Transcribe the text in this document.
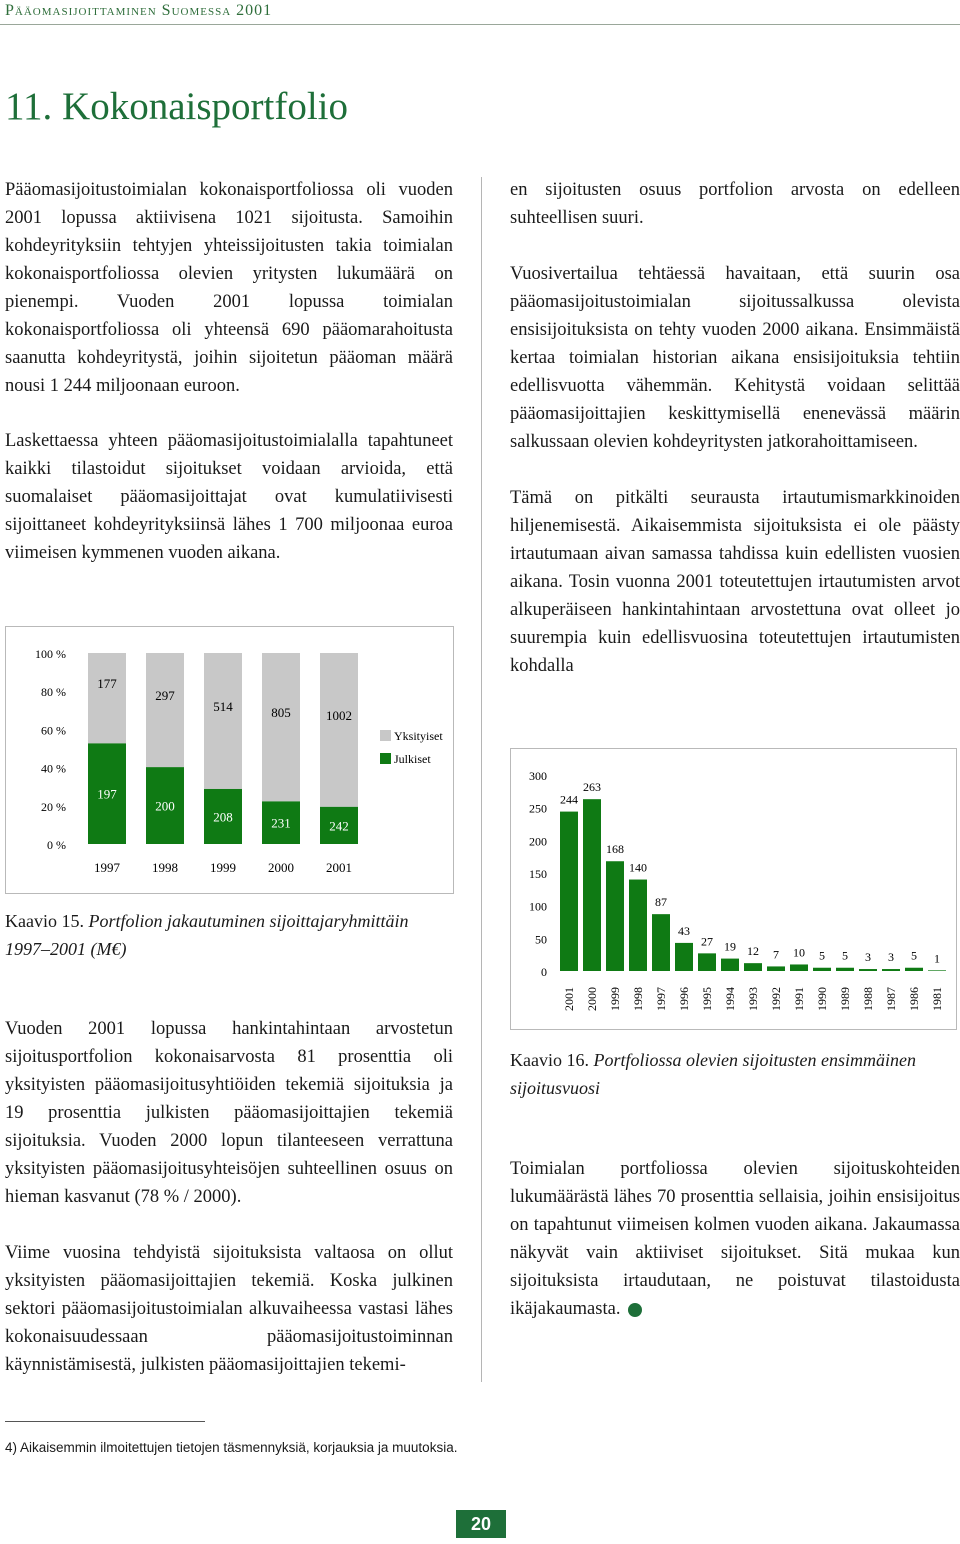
Pääomasijoittaminen Suomessa 2001
11. Kokonaisportfolio

Pääomasijoitustoimialan kokonaisportfoliossa oli vuoden 2001 lopussa aktiivisena 1021 sijoitusta. Samoihin kohdeyrityksiin tehtyjen yhteissijoitusten takia toimialan kokonaisportfoliossa olevien yritysten lukumäärä on pienempi. Vuoden 2001 lopussa toimialan kokonaisportfoliossa oli yhteensä 690 pääomarahoitusta saanutta kohdeyritystä, joihin sijoitetun pääoman määrä nousi 1 244 miljoonaan euroon.

Laskettaessa yhteen pääomasijoitustoimialalla tapahtuneet kaikki tilastoidut sijoitukset voidaan arvioida, että suomalaiset pääomasijoittajat ovat kumulatiivisesti sijoittaneet kohdeyrityksiinsä lähes 1 700 miljoonaa euroa viimeisen kymmenen vuoden aikana.

0 %
20 %
40 %
60 %
80 %
100 %
177
197
1997
297
200
1998
514
208
1999
805
231
2000
1002
242
2001
Yksityiset
Julkiset
Kaavio 15. Portfolion jakautuminen sijoittajaryhmittäin 1997–2001 (M€)

Vuoden 2001 lopussa hankintahintaan arvostetun sijoitusportfolion kokonaisarvosta 81 prosenttia oli yksityisten pääomasijoitusyhtiöiden tekemiä sijoituksia ja 19 prosenttia julkisten pääomasijoittajien tekemiä sijoituksia. Vuoden 2000 lopun tilanteeseen verrattuna yksityisten pääomasijoitusyhteisöjen suhteellinen osuus on hieman kasvanut (78 % / 2000).

Viime vuosina tehdyistä sijoituksista valtaosa on ollut yksityisten pääomasijoittajien tekemiä. Koska julkinen sektori pääomasijoitustoimialan alkuvaiheessa vastasi lähes kokonaisuudessaan pääomasijoitustoiminnan käynnistämisestä, julkisten pääomasijoittajien tekemi-

en sijoitusten osuus portfolion arvosta on edelleen suhteellisen suuri.

Vuosivertailua tehtäessä havaitaan, että suurin osa pääomasijoitustoimialan sijoitussalkussa olevista ensisijoituksista on tehty vuoden 2000 aikana. Ensimmäistä kertaa toimialan historian aikana ensisijoituksia tehtiin edellisvuotta vähemmän. Kehitystä voidaan selittää pääomasijoittajien keskittymisellä enenevässä määrin salkussaan olevien kohdeyritysten jatkorahoittamiseen.

Tämä on pitkälti seurausta irtautumismarkkinoiden hiljenemisestä. Aikaisemmista sijoituksista ei ole päästy irtautumaan aivan samassa tahdissa kuin edellisten vuosien aikana. Tosin vuonna 2001 toteutettujen irtautumisten arvot alkuperäiseen hankintahintaan arvostettuna ovat olleet jo suurempia kuin edellisvuosina toteutettujen irtautumisten kohdalla

0
50
100
150
200
250
300
244
2001
263
2000
168
1999
140
1998
87
1997
43
1996
27
1995
19
1994
12
1993
7
1992
10
1991
5
1990
5
1989
3
1988
3
1987
5
1986
1
1981
Kaavio 16. Portfoliossa olevien sijoitusten ensimmäinen sijoitusvuosi

Toimialan portfoliossa olevien sijoituskohteiden lukumäärästä lähes 70 prosenttia sellaisia, joihin ensisijoitus on tapahtunut viimeisen kolmen vuoden aikana. Jakaumassa näkyvät vain aktiiviset sijoitukset. Sitä mukaa kun sijoituksista irtaudutaan, ne poistuvat tilastoidusta ikäjakaumasta.

4) Aikaisemmin ilmoitettujen tietojen täsmennyksiä, korjauksia ja muutoksia.
20
